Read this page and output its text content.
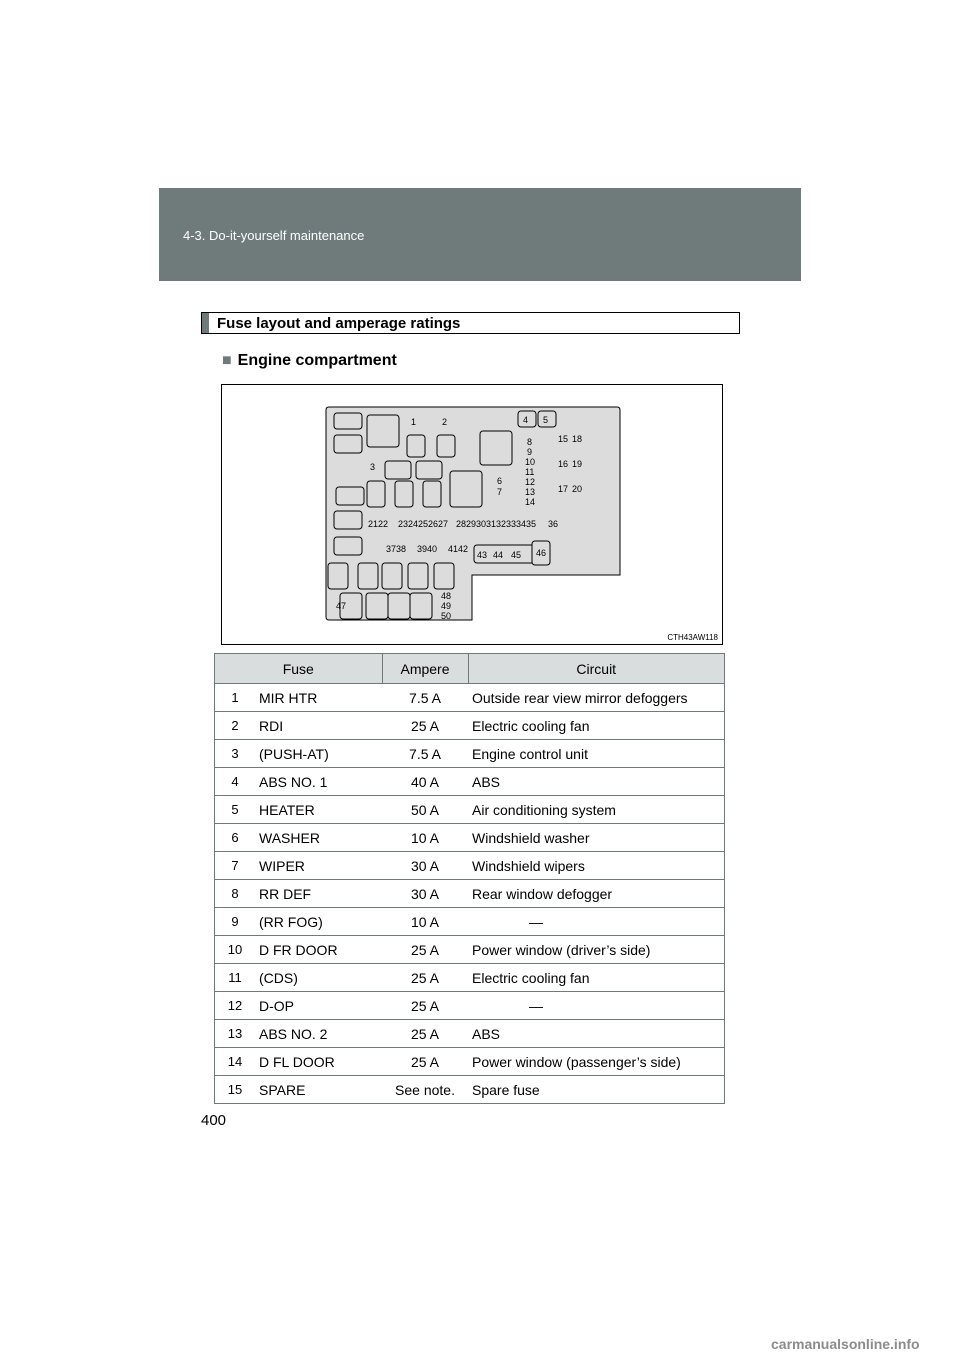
4-3. Do-it-yourself maintenance
Fuse layout and amperage ratings
■ Engine compartment
1	2
3
4 5
6
7
8
9
10
11
12
13
14
15
16
17
18
19
20
21 22 23 24 25 26 27 28 29 30 31 32 33 34 35 36
37 38 39 40 41 42
43 44 45 46
47
48
49
50
CTH43AW118
Fuse		Ampere	Circuit
1	MIR HTR	7.5 A	Outside rear view mirror defoggers
2	RDI	25 A	Electric cooling fan
3	(PUSH-AT)	7.5 A	Engine control unit
4	ABS NO. 1	40 A	ABS
5	HEATER	50 A	Air conditioning system
6	WASHER	10 A	Windshield washer
7	WIPER	30 A	Windshield wipers
8	RR DEF	30 A	Rear window defogger
9	(RR FOG)	10 A	—

10	D FR DOOR	25 A	Power window (driver’s side)
11	(CDS)	25 A	Electric cooling fan
12	D-OP	25 A	—

13	ABS NO. 2	25 A	ABS
14	D FL DOOR	25 A	Power window (passenger’s side)
15	SPARE	See note.	Spare fuse
400
carmanualsonline.info
